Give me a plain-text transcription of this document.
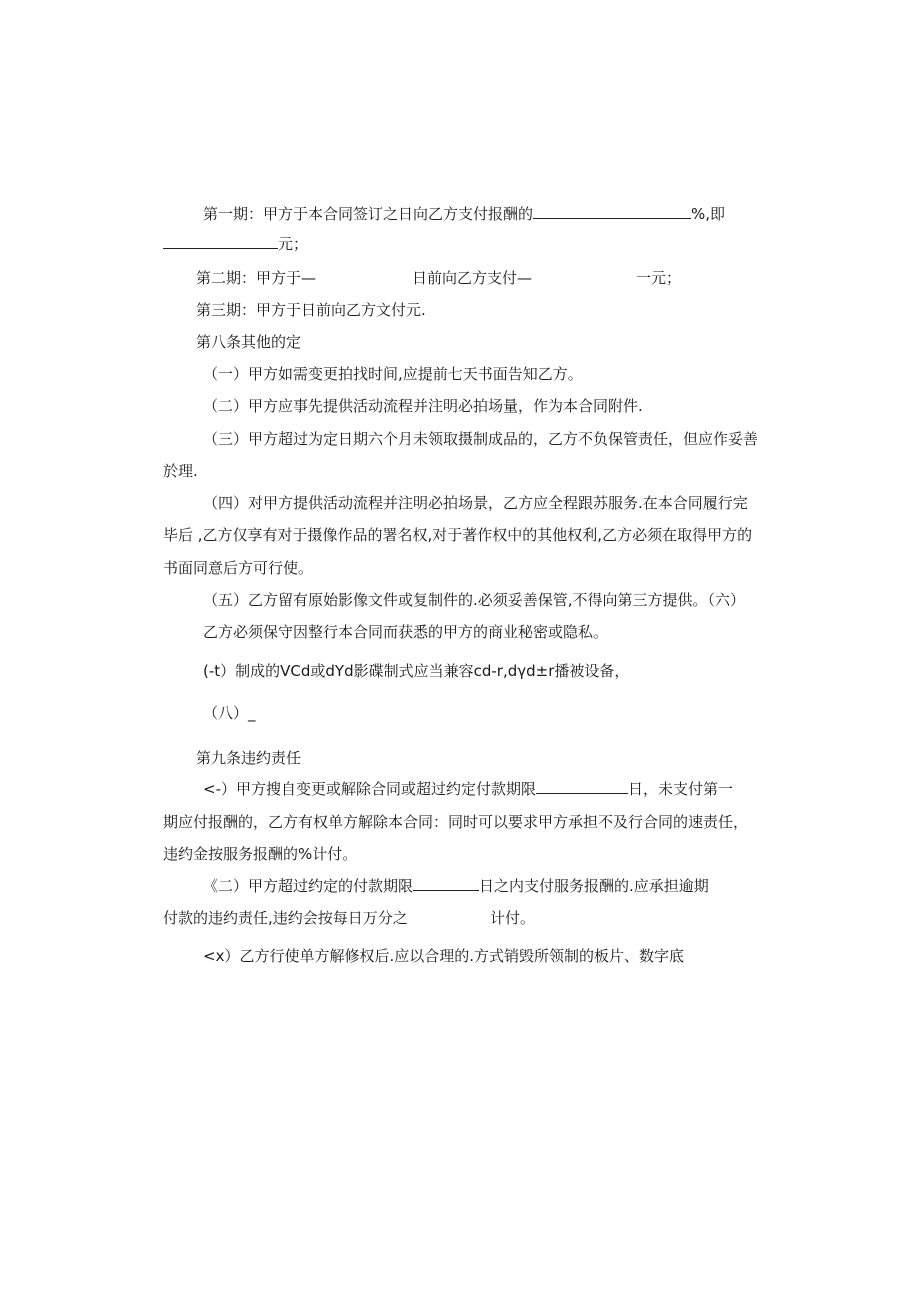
第一期：甲方于本合同签订之日向乙方支付报酬的	%,即
元；
第二期：甲方于—	日前向乙方支付—	一元；
第三期：甲方于日前向乙方文付元.
第八条其他的定
（一）甲方如需变更拍找时间,应提前七天书面告知乙方。
（二）甲方应事先提供活动流程并注明必拍场量，作为本合同附件.
（三）甲方超过为定日期六个月未领取摄制成品的，乙方不负保管责任，但应作妥善
於理.
（四）对甲方提供活动流程并注明必拍场景，乙方应全程跟苏服务.在本合同履行完
毕后 ,乙方仅享有对于摄像作品的署名权,对于著作权中的其他权利,乙方必须在取得甲方的
书面同意后方可行使。
（五）乙方留有原始影像文件或复制件的.必须妥善保管,不得向第三方提供。（六）
乙方必须保守因整行本合同而获悉的甲方的商业秘密或隐私。
(-t）制成的VCd或dYd影碟制式应当兼容cd-r,dγd±r播被设备，
（八）_
第九条违约责任
<-）甲方搜自变更或解除合同或超过约定付款期限	日，未支付第一
期应付报酬的，乙方有权单方解除本合同：同时可以要求甲方承担不及行合同的速责任，
违约金按服务报酬的%计付。
《二）甲方超过约定的付款期限	日之内支付服务报酬的.应承担逾期
付款的违约责任,违约会按每日万分之	计付。
<x）乙方行使单方解修权后.应以合理的.方式销毁所领制的板片、数字底
